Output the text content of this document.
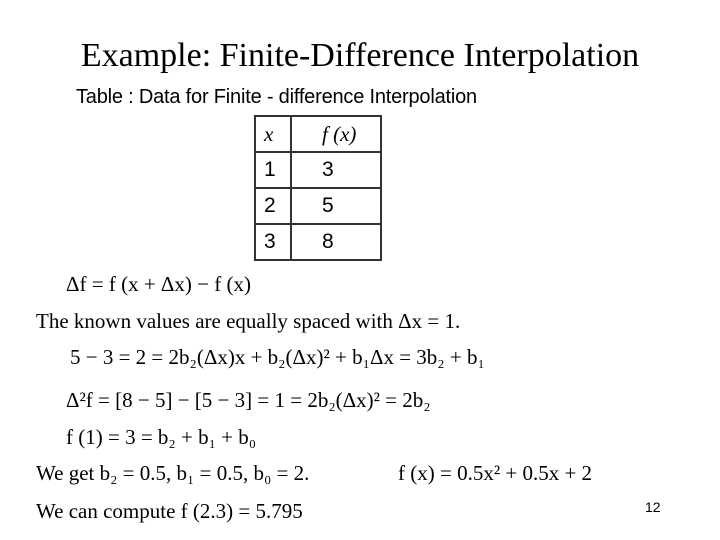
Example: Finite-Difference Interpolation
Table : Data for Finite - difference Interpolation
x	f (x)
1	3
2	5
3	8
Δf = f (x + Δx) − f (x)
The known values are equally spaced with Δx = 1.
5 − 3 = 2 = 2b₂(Δx)x + b₂(Δx)² + b₁Δx = 3b₂ + b₁
Δ²f = [8 − 5] − [5 − 3] = 1 = 2b₂(Δx)² = 2b₂
f (1) = 3 = b₂ + b₁ + b₀
We get b₂ = 0.5, b₁ = 0.5, b₀ = 2.	f (x) = 0.5x² + 0.5x + 2
We can compute f (2.3) = 5.795	12
